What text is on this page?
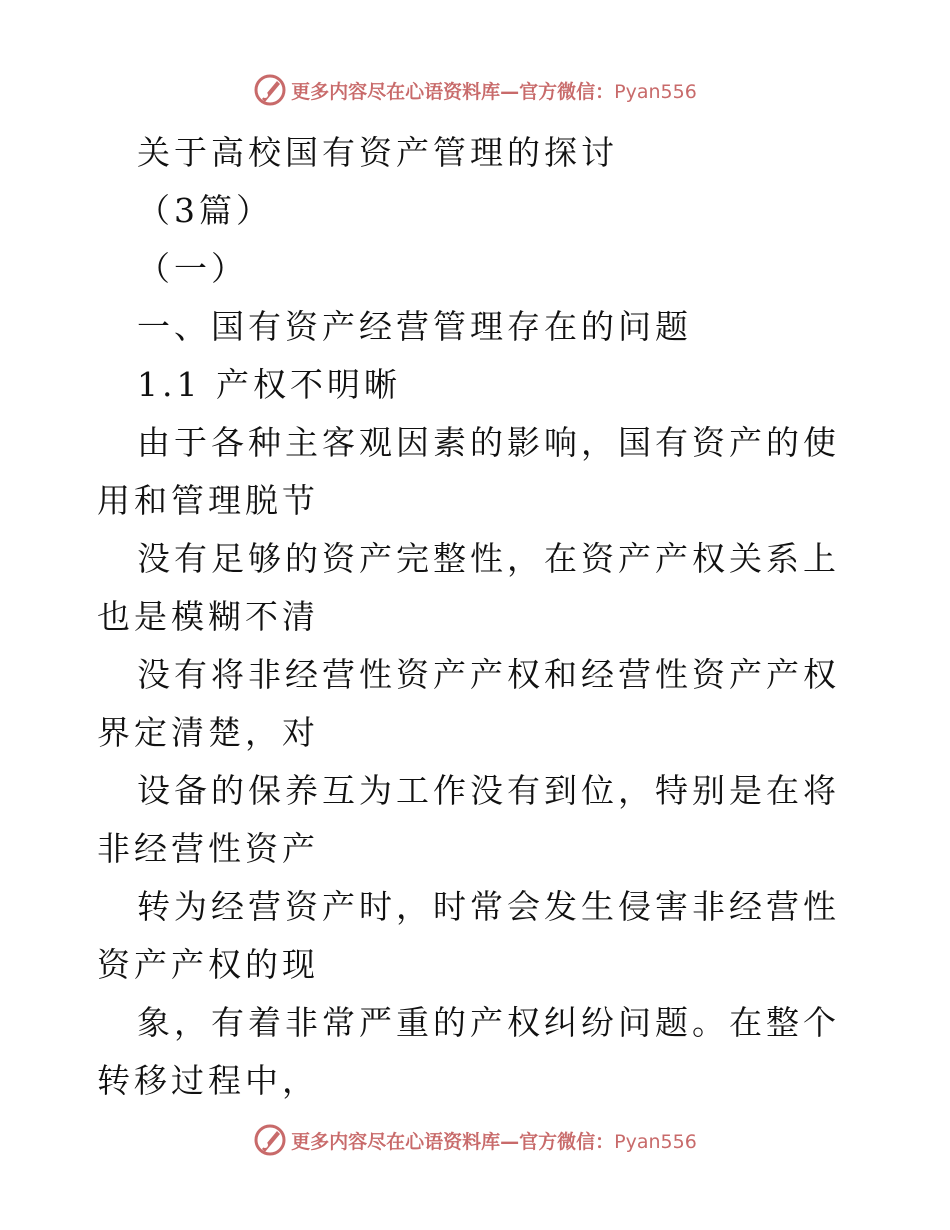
更多内容尽在心语资料库—官方微信：Pyan556

关于高校国有资产管理的探讨

（3篇）

（一）

一、国有资产经营管理存在的问题

1.1 产权不明晰

由于各种主客观因素的影响，国有资产的使用和管理脱节

没有足够的资产完整性，在资产产权关系上也是模糊不清

没有将非经营性资产产权和经营性资产产权界定清楚，对

设备的保养互为工作没有到位，特别是在将非经营性资产

转为经营资产时，时常会发生侵害非经营性资产产权的现

象，有着非常严重的产权纠纷问题。在整个转移过程中，

更多内容尽在心语资料库—官方微信：Pyan556
